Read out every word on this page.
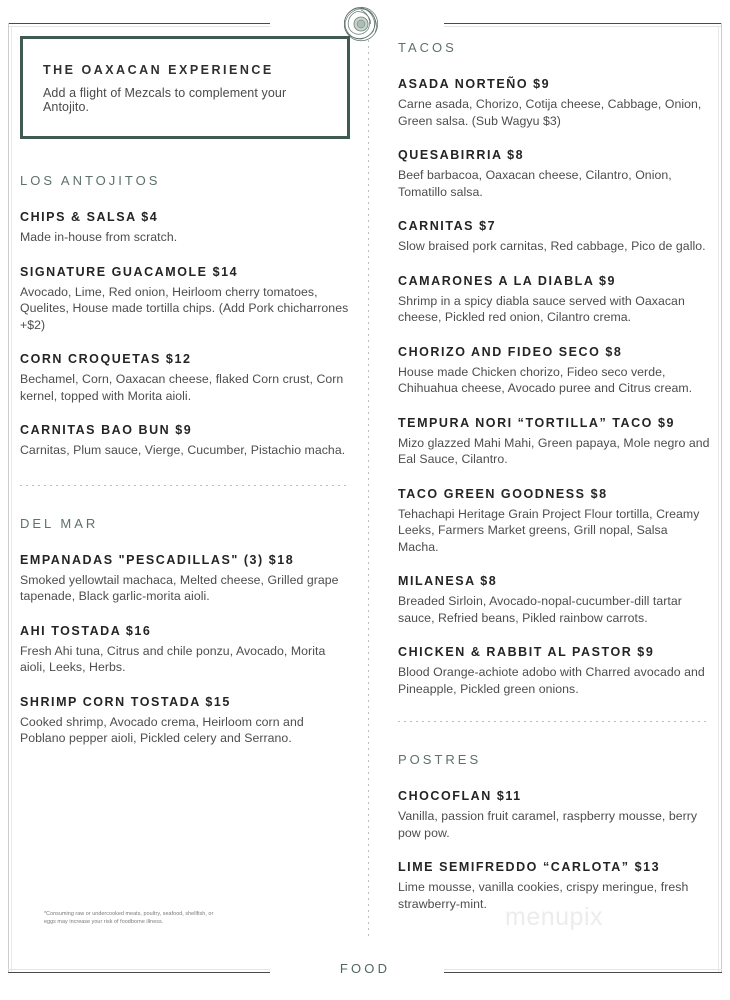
THE OAXACAN EXPERIENCE
Add a flight of Mezcals to complement your Antojito.
LOS ANTOJITOS
CHIPS & SALSA $4
Made in-house from scratch.
SIGNATURE GUACAMOLE $14
Avocado, Lime, Red onion, Heirloom cherry tomatoes, Quelites, House made tortilla chips. (Add Pork chicharrones +$2)
CORN CROQUETAS $12
Bechamel, Corn, Oaxacan cheese, flaked Corn crust, Corn kernel, topped with Morita aioli.
CARNITAS BAO BUN $9
Carnitas, Plum sauce, Vierge, Cucumber, Pistachio macha.
DEL MAR
EMPANADAS "PESCADILLAS" (3) $18
Smoked yellowtail machaca, Melted cheese, Grilled grape tapenade, Black garlic-morita aioli.
AHI TOSTADA $16
Fresh Ahi tuna, Citrus and chile ponzu, Avocado, Morita aioli, Leeks, Herbs.
SHRIMP CORN TOSTADA $15
Cooked shrimp, Avocado crema, Heirloom corn and Poblano pepper aioli, Pickled celery and Serrano.
TACOS
ASADA NORTEÑO $9
Carne asada, Chorizo, Cotija cheese, Cabbage, Onion, Green salsa. (Sub Wagyu $3)
QUESABIRRIA $8
Beef barbacoa, Oaxacan cheese, Cilantro, Onion, Tomatillo salsa.
CARNITAS $7
Slow braised pork carnitas, Red cabbage, Pico de gallo.
CAMARONES A LA DIABLA $9
Shrimp in a spicy diabla sauce served with Oaxacan cheese, Pickled red onion, Cilantro crema.
CHORIZO AND FIDEO SECO $8
House made Chicken chorizo, Fideo seco verde, Chihuahua cheese, Avocado puree and Citrus cream.
TEMPURA NORI “TORTILLA” TACO $9
Mizo glazzed Mahi Mahi, Green papaya, Mole negro and Eal Sauce, Cilantro.
TACO GREEN GOODNESS $8
Tehachapi Heritage Grain Project Flour tortilla, Creamy Leeks, Farmers Market greens, Grill nopal, Salsa Macha.
MILANESA $8
Breaded Sirloin, Avocado-nopal-cucumber-dill tartar sauce, Refried beans, Pikled rainbow carrots.
CHICKEN & RABBIT AL PASTOR $9
Blood Orange-achiote adobo with Charred avocado and Pineapple, Pickled green onions.
POSTRES
CHOCOFLAN $11
Vanilla, passion fruit caramel, raspberry mousse, berry pow pow.
LIME SEMIFREDDO “CARLOTA” $13
Lime mousse, vanilla cookies, crispy meringue, fresh strawberry-mint.
*Consuming raw or undercooked meats, poultry, seafood, shellfish, or eggs may increase your risk of foodborne illness.	menupix
FOOD
